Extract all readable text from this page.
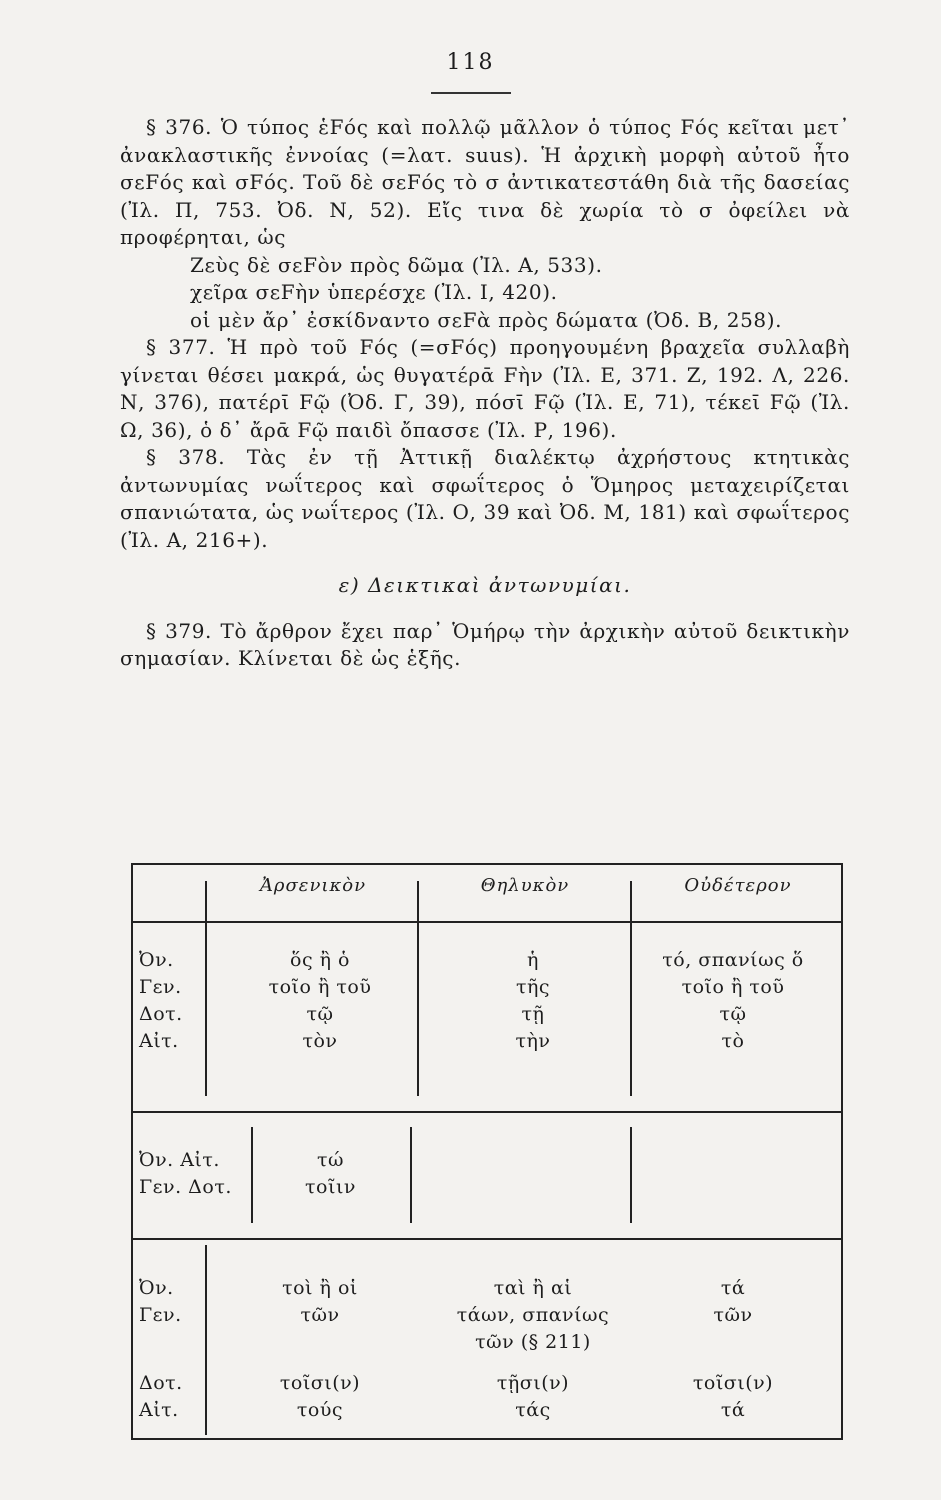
118

§ 376. Ὁ τύπος ἑFός καὶ πολλῷ μᾶλλον ὁ τύπος Fός κεῖται μετ᾽ ἀνακλαστικῆς ἐννοίας (=λατ. suus). Ἡ ἀρχικὴ μορφὴ αὐτοῦ ἦτο σεFός καὶ σFός. Τοῦ δὲ σεFός τὸ σ ἀντικατεστάθη διὰ τῆς δασείας (Ἰλ. Π, 753. Ὀδ. Ν, 52). Εἴς τινα δὲ χωρία τὸ σ ὀφείλει νὰ προφέρηται, ὡς

Ζεὺς δὲ σεFὸν πρὸς δῶμα (Ἰλ. Α, 533).

χεῖρα σεFὴν ὑπερέσχε (Ἰλ. Ι, 420).

οἱ μὲν ἄρ᾽ ἐσκίδναντο σεFὰ πρὸς δώματα (Ὀδ. Β, 258).

§ 377. Ἡ πρὸ τοῦ Fός (=σFός) προηγουμένη βραχεῖα συλλαβὴ γίνεται θέσει μακρά, ὡς θυγατέρᾱ Fὴν (Ἰλ. Ε, 371. Ζ, 192. Λ, 226. Ν, 376), πατέρῑ Fῷ (Ὀδ. Γ, 39), πόσῑ Fῷ (Ἰλ. Ε, 71), τέκεῑ Fῷ (Ἰλ. Ω, 36), ὁ δ᾽ ἄρᾱ Fῷ παιδὶ ὄπασσε (Ἰλ. Ρ, 196).

§ 378. Τὰς ἐν τῇ Ἀττικῇ διαλέκτῳ ἀχρήστους κτητικὰς ἀντωνυμίας νωΐτερος καὶ σφωΐτερος ὁ Ὅμηρος μεταχειρίζεται σπανιώτατα, ὡς νωΐτερος (Ἰλ. Ο, 39 καὶ Ὀδ. Μ, 181) καὶ σφωΐτερος (Ἰλ. Α, 216+).

ε) Δεικτικαὶ ἀντωνυμίαι.

§ 379. Τὸ ἄρθρον ἔχει παρ᾽ Ὁμήρῳ τὴν ἀρχικὴν αὐτοῦ δεικτικὴν σημασίαν. Κλίνεται δὲ ὡς ἑξῆς.

Ἀρσενικὸν	Θηλυκὸν	Οὐδέτερον
Ὀν.
Γεν.
Δοτ.
Αἰτ.
ὅς ἢ ὁ
τοῖο ἢ τοῦ
τῷ
τὸν
ἡ
τῆς
τῇ
τὴν
τό, σπανίως ὅ
τοῖο ἢ τοῦ
τῷ
τὸ
Ὀν. Αἰτ.
Γεν. Δοτ.
τώ
τοῖιν
Ὀν.
Γεν.
Δοτ.
Αἰτ.
τοὶ ἢ οἱ
τῶν
τοῖσι(ν)
τούς
ταὶ ἢ αἱ
τάων, σπανίως
τῶν (§ 211)
τῇσι(ν)
τάς
τά
τῶν
τοῖσι(ν)
τά
